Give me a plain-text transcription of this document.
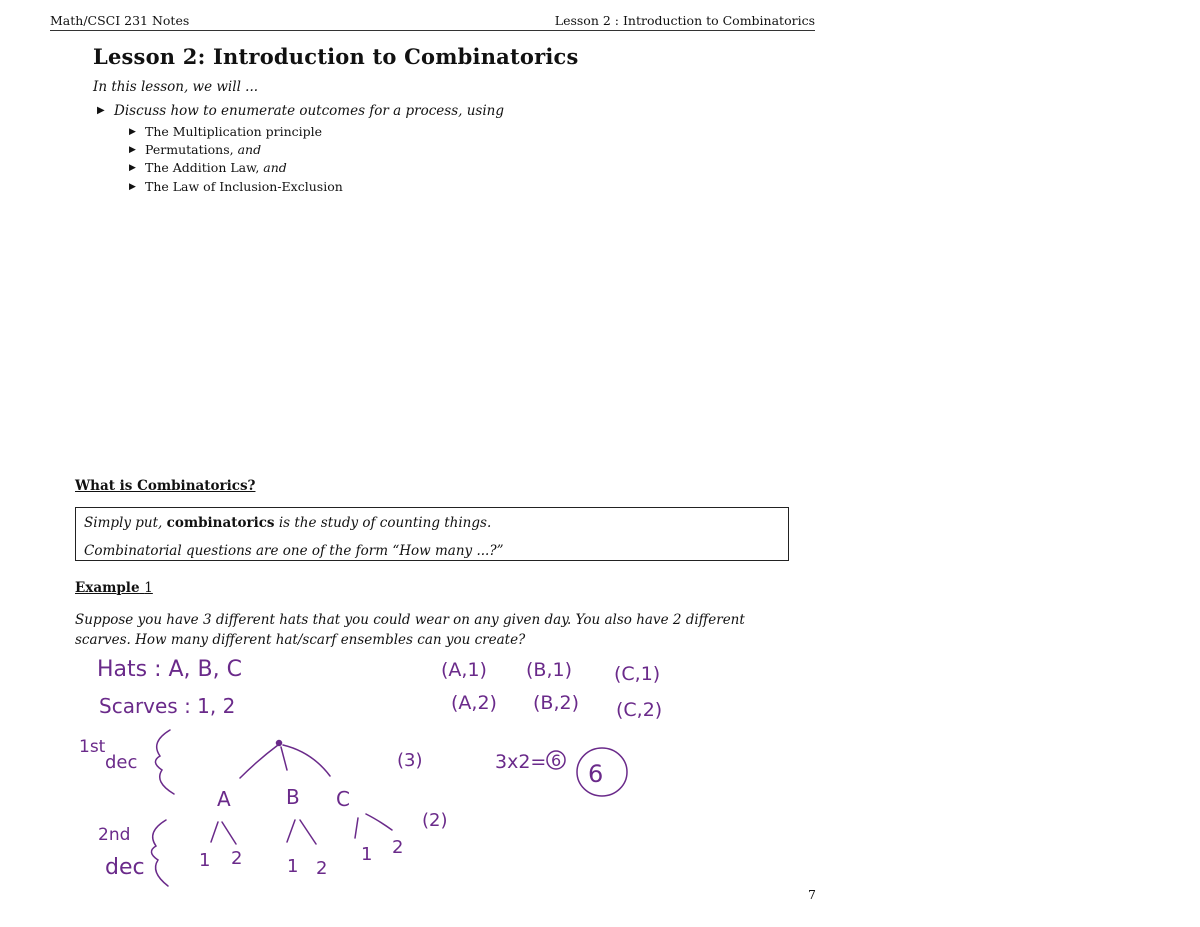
Math/CSCI 231 Notes	Lesson 2 : Introduction to Combinatorics
Lesson 2: Introduction to Combinatorics
In this lesson, we will ...
▶ Discuss how to enumerate outcomes for a process, using
▶ The Multiplication principle
▶ Permutations, and
▶ The Addition Law, and
▶ The Law of Inclusion-Exclusion
What is Combinatorics?
Simply put, combinatorics is the study of counting things.
Combinatorial questions are one of the form “How many ...?”
Example 1
Suppose you have 3 different hats that you could wear on any given day. You also have 2 different scarves. How many different hat/scarf ensembles can you create?
Hats : A, B, C
Scarves : 1, 2
1st
dec
2nd
dec
A	B C
1 2 1 2
1 2
(3)
(2)
3x2= 6 6
(A,1) (B,1) (C,1)
(A,2) (B,2) (C,2)
7
